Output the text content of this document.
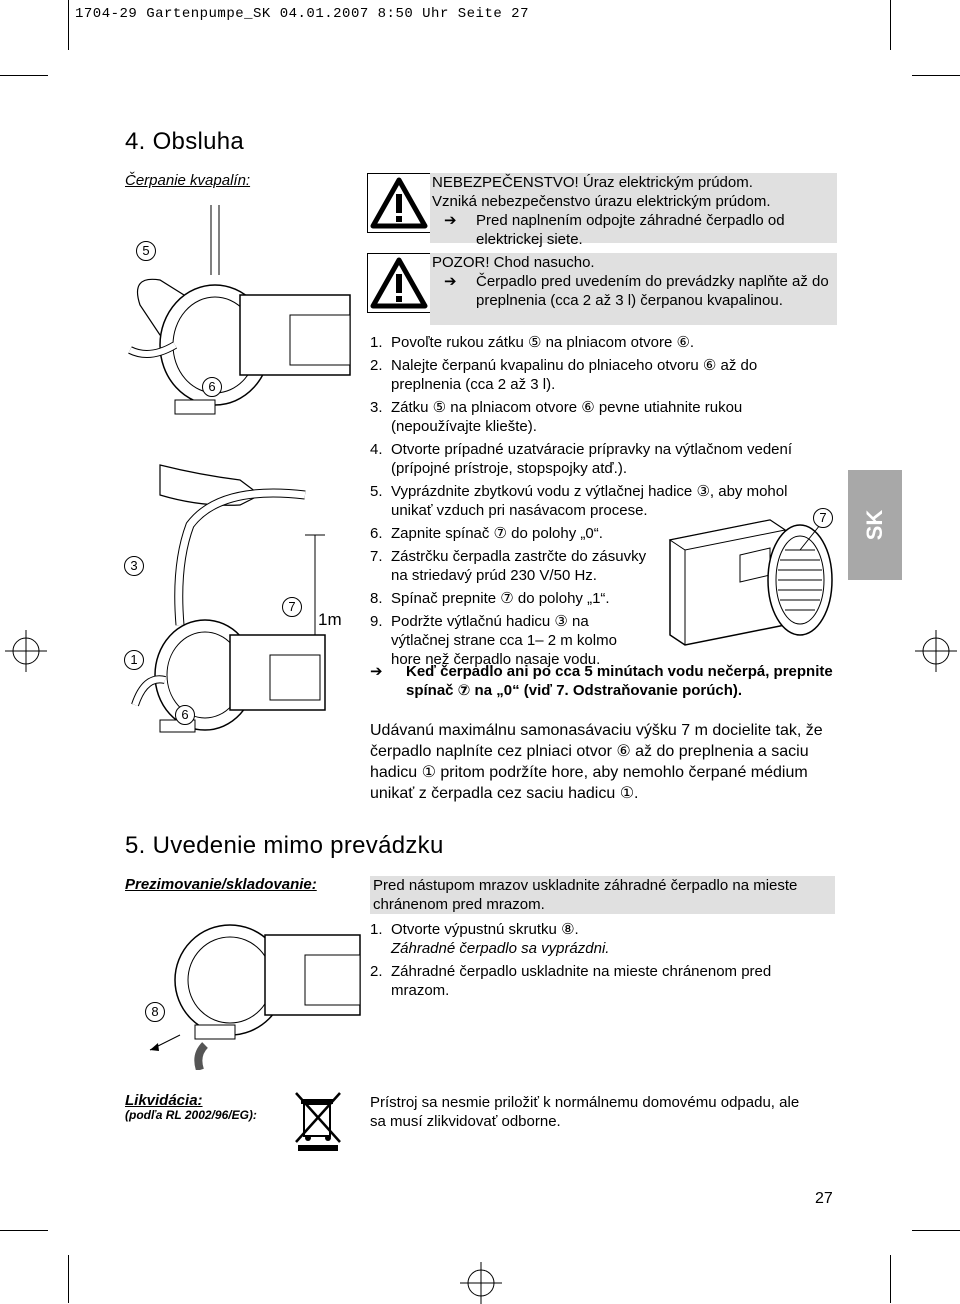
1704-29 Gartenpumpe_SK 04.01.2007 8:50 Uhr Seite 27
4. Obsluha
Čerpanie kvapalín:	NEBEZPEČENSTVO! Úraz elektrickým prúdom.
Vzniká nebezpečenstvo úrazu elektrickým prúdom.
➔ Pred naplnením odpojte záhradné čerpadlo od elektrickej siete.
POZOR! Chod nasucho.
➔ Čerpadlo pred uvedením do prevádzky naplňte až do preplnenia (cca 2 až 3 l) čerpanou kvapalinou.
1. Povoľte rukou zátku ⑤ na plniacom otvore ⑥.
2. Nalejte čerpanú kvapalinu do plniaceho otvoru ⑥ až do preplnenia (cca 2 až 3 l).
3. Zátku ⑤ na plniacom otvore ⑥ pevne utiahnite rukou (nepoužívajte kliešte).
4. Otvorte prípadné uzatváracie prípravky na výtlačnom vedení (prípojné prístroje, stopspojky atď.).
5. Vyprázdnite zbytkovú vodu z výtlačnej hadice ③, aby mohol unikať vzduch pri nasávacom procese.
6. Zapnite spínač ⑦ do polohy „0“.
7. Zástrčku čerpadla zastrčte do zásuvky na striedavý prúd 230 V/50 Hz.
8. Spínač prepnite ⑦ do polohy „1“.
9. Podržte výtlačnú hadicu ③ na výtlačnej strane cca 1– 2 m kolmo hore než čerpadlo nasaje vodu.
7
➔ Keď čerpadlo ani po cca 5 minútach vodu nečerpá, prepnite spínač ⑦ na „0“ (viď 7. Odstraňovanie porúch).
Udávanú maximálnu samonasávaciu výšku 7 m docielite tak, že čerpadlo naplníte cez plniaci otvor ⑥ až do preplnenia a saciu hadicu ① pritom podržíte hore, aby nemohlo čerpané médium unikať z čerpadla cez saciu hadicu ①.
5
6
3
7
1m
1
6
SK
5. Uvedenie mimo prevádzku
Prezimovanie/skladovanie:	Pred nástupom mrazov uskladnite záhradné čerpadlo na mieste chránenom pred mrazom.
1. Otvorte výpustnú skrutku ⑧.
Záhradné čerpadlo sa vyprázdni.
2. Záhradné čerpadlo uskladnite na mieste chránenom pred mrazom.
8
Likvidácia:
(podľa RL 2002/96/EG):
Prístroj sa nesmie priložiť k normálnemu domovému odpadu, ale sa musí zlikvidovať odborne.
27
